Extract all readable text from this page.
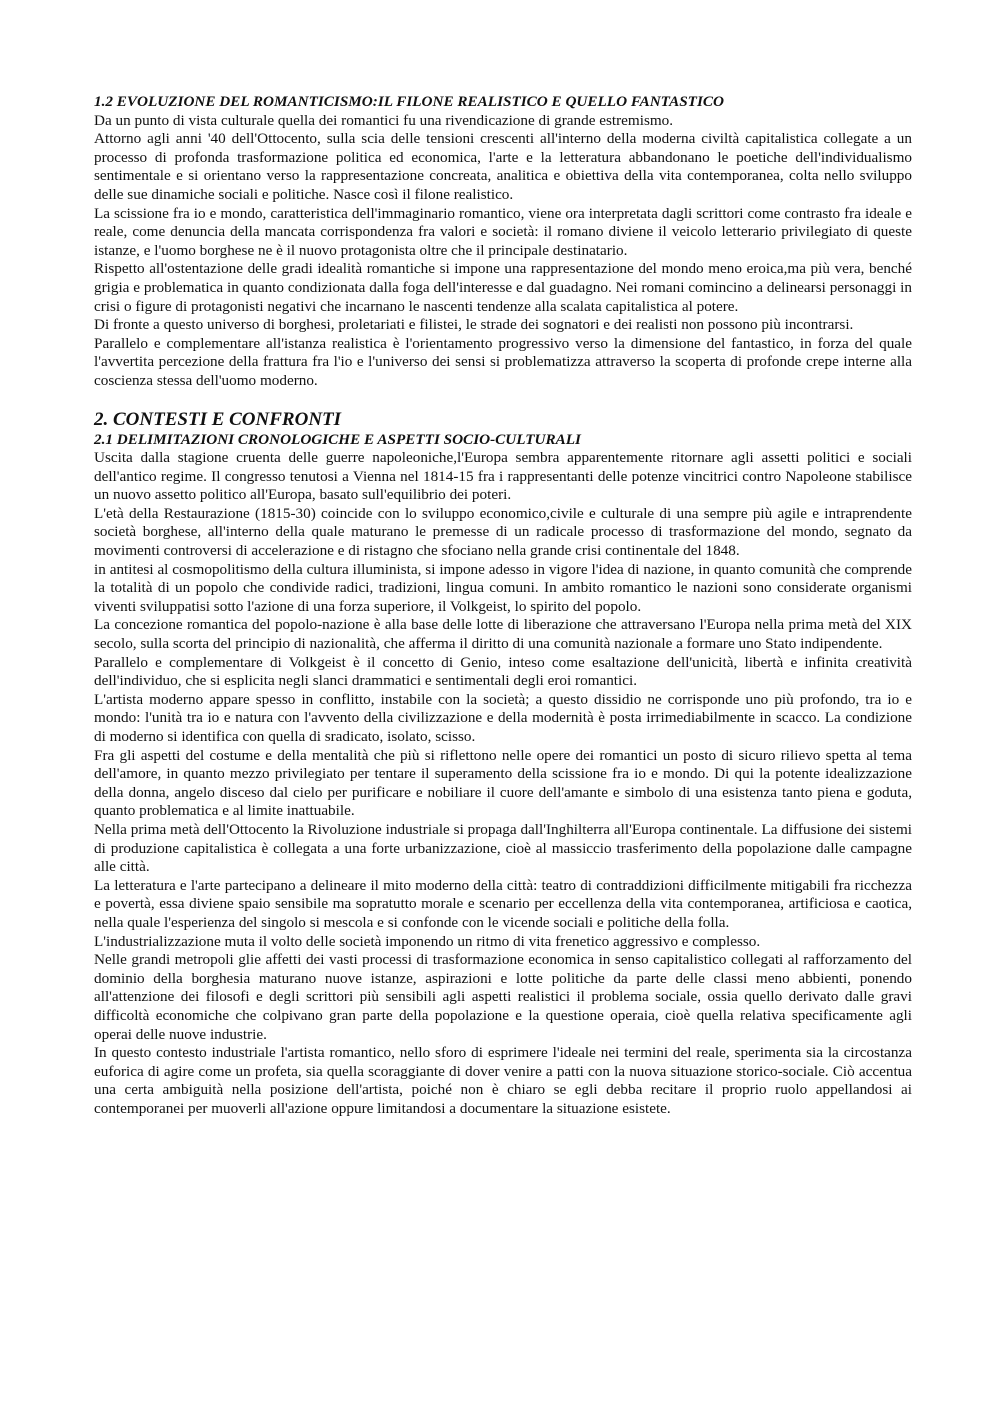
1.2 EVOLUZIONE DEL ROMANTICISMO:IL FILONE REALISTICO E QUELLO FANTASTICO

Da un punto di vista culturale quella dei romantici fu una rivendicazione di grande estremismo.

Attorno agli anni '40 dell'Ottocento, sulla scia delle tensioni crescenti all'interno della moderna civiltà capitalistica collegate a un processo di profonda trasformazione politica ed economica, l'arte e la letteratura abbandonano le poetiche dell'individualismo sentimentale e si orientano verso la rappresentazione concreata, analitica e obiettiva della vita contemporanea, colta nello sviluppo delle sue dinamiche sociali e politiche. Nasce così il filone realistico.

La scissione fra io e mondo, caratteristica dell'immaginario romantico, viene ora interpretata dagli scrittori come contrasto fra ideale e reale, come denuncia della mancata corrispondenza fra valori e società: il romano diviene il veicolo letterario privilegiato di queste istanze, e l'uomo borghese ne è il nuovo protagonista oltre che il principale destinatario.

Rispetto all'ostentazione delle gradi idealità romantiche si impone una rappresentazione del mondo meno eroica,ma più vera, benché grigia e problematica in quanto condizionata dalla foga dell'interesse e dal guadagno. Nei romani comincino a delinearsi personaggi in crisi o figure di protagonisti negativi che incarnano le nascenti tendenze alla scalata capitalistica al potere.

Di fronte a questo universo di borghesi, proletariati e filistei, le strade dei sognatori e dei realisti non possono più incontrarsi.

Parallelo e complementare all'istanza realistica è l'orientamento progressivo verso la dimensione del fantastico, in forza del quale l'avvertita percezione della frattura fra l'io e l'universo dei sensi si problematizza attraverso la scoperta di profonde crepe interne alla coscienza stessa dell'uomo moderno.

2. CONTESTI E CONFRONTI
2.1 DELIMITAZIONI CRONOLOGICHE E ASPETTI SOCIO-CULTURALI

Uscita dalla stagione cruenta delle guerre napoleoniche,l'Europa sembra apparentemente ritornare agli assetti politici e sociali dell'antico regime. Il congresso tenutosi a Vienna nel 1814-15 fra i rappresentanti delle potenze vincitrici contro Napoleone stabilisce un nuovo assetto politico all'Europa, basato sull'equilibrio dei poteri.

L'età della Restaurazione (1815-30) coincide con lo sviluppo economico,civile e culturale di una sempre più agile e intraprendente società borghese, all'interno della quale maturano le premesse di un radicale processo di trasformazione del mondo, segnato da movimenti controversi di accelerazione e di ristagno che sfociano nella grande crisi continentale del 1848.

in antitesi al cosmopolitismo della cultura illuminista, si impone adesso in vigore l'idea di nazione, in quanto comunità che comprende la totalità di un popolo che condivide radici, tradizioni, lingua comuni. In ambito romantico le nazioni sono considerate organismi viventi sviluppatisi sotto l'azione di una forza superiore, il Volkgeist, lo spirito del popolo.

La concezione romantica del popolo-nazione è alla base delle lotte di liberazione che attraversano l'Europa nella prima metà del XIX secolo, sulla scorta del principio di nazionalità, che afferma il diritto di una comunità nazionale a formare uno Stato indipendente.

Parallelo e complementare di Volkgeist è il concetto di Genio, inteso come esaltazione dell'unicità, libertà e infinita creatività dell'individuo, che si esplicita negli slanci drammatici e sentimentali degli eroi romantici.

L'artista moderno appare spesso in conflitto, instabile con la società; a questo dissidio ne corrisponde uno più profondo, tra io e mondo: l'unità tra io e natura con l'avvento della civilizzazione e della modernità è posta irrimediabilmente in scacco. La condizione di moderno si identifica con quella di sradicato, isolato, scisso.

Fra gli aspetti del costume e della mentalità che più si riflettono nelle opere dei romantici un posto di sicuro rilievo spetta al tema dell'amore, in quanto mezzo privilegiato per tentare il superamento della scissione fra io e mondo. Di qui la potente idealizzazione della donna, angelo disceso dal cielo per purificare e nobiliare il cuore dell'amante e simbolo di una esistenza tanto piena e goduta, quanto problematica e al limite inattuabile.

Nella prima metà dell'Ottocento la Rivoluzione industriale si propaga dall'Inghilterra all'Europa continentale. La diffusione dei sistemi di produzione capitalistica è collegata a una forte urbanizzazione, cioè al massiccio trasferimento della popolazione dalle campagne alle città.

La letteratura e l'arte partecipano a delineare il mito moderno della città: teatro di contraddizioni difficilmente mitigabili fra ricchezza e povertà, essa diviene spaio sensibile ma sopratutto morale e scenario per eccellenza della vita contemporanea, artificiosa e caotica, nella quale l'esperienza del singolo si mescola e si confonde con le vicende sociali e politiche della folla.

L'industrializzazione muta il volto delle società imponendo un ritmo di vita frenetico aggressivo e complesso.

Nelle grandi metropoli glie affetti dei vasti processi di trasformazione economica in senso capitalistico collegati al rafforzamento del dominio della borghesia maturano nuove istanze, aspirazioni e lotte politiche da parte delle classi meno abbienti, ponendo all'attenzione dei filosofi e degli scrittori più sensibili agli aspetti realistici il problema sociale, ossia quello derivato dalle gravi difficoltà economiche che colpivano gran parte della popolazione e la questione operaia, cioè quella relativa specificamente agli operai delle nuove industrie.

In questo contesto industriale l'artista romantico, nello sforo di esprimere l'ideale nei termini del reale, sperimenta sia la circostanza euforica di agire come un profeta, sia quella scoraggiante di dover venire a patti con la nuova situazione storico-sociale. Ciò accentua una certa ambiguità nella posizione dell'artista, poiché non è chiaro se egli debba recitare il proprio ruolo appellandosi ai contemporanei per muoverli all'azione oppure limitandosi a documentare la situazione esistete.
